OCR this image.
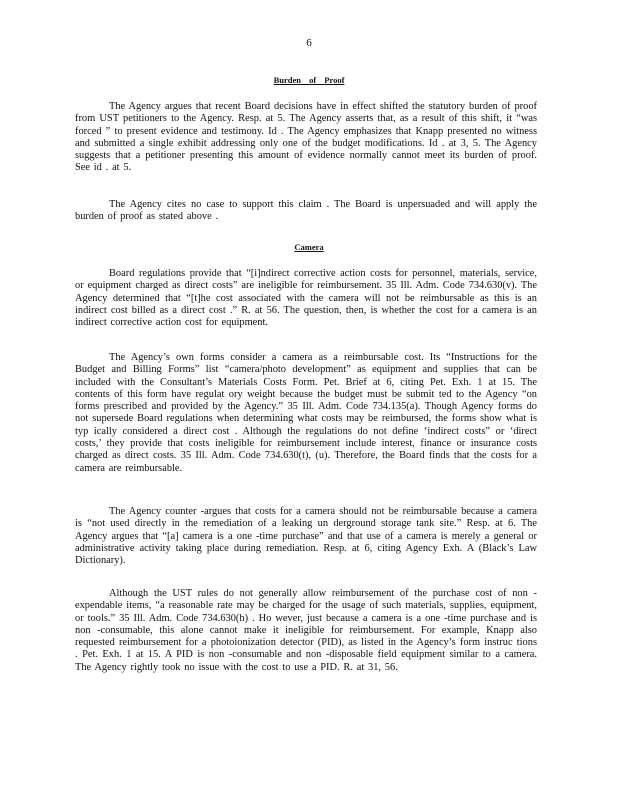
6
Burden of Proof

The Agency argues that recent Board decisions have in effect shifted the statutory burden of proof from UST petitioners to the Agency. Resp. at 5. The Agency asserts that, as a result of this shift, it “was forced ” to present evidence and testimony. Id . The Agency emphasizes that Knapp presented no witness and submitted a single exhibit addressing only one of the budget modifications. Id . at 3, 5. The Agency suggests that a petitioner presenting this amount of evidence normally cannot meet its burden of proof. See id . at 5.

The Agency cites no case to support this claim . The Board is unpersuaded and will apply the burden of proof as stated above .

Camera

Board regulations provide that “[i]ndirect corrective action costs for personnel, materials, service, or equipment charged as direct costs” are ineligible for reimbursement. 35 Ill. Adm. Code 734.630(v). The Agency determined that “[t]he cost associated with the camera will not be reimbursable as this is an indirect cost billed as a direct cost .” R. at 56. The question, then, is whether the cost for a camera is an indirect corrective action cost for equipment.

The Agency’s own forms consider a camera as a reimbursable cost. Its “Instructions for the Budget and Billing Forms” list “camera/photo development” as equipment and supplies that can be included with the Consultant’s Materials Costs Form. Pet. Brief at 6, citing Pet. Exh. 1 at 15. The contents of this form have regulat ory weight because the budget must be submit ted to the Agency “on forms prescribed and provided by the Agency.” 35 Ill. Adm. Code 734.135(a). Though Agency forms do not supersede Board regulations when determining what costs may be reimbursed, the forms show what is typ ically considered a direct cost . Although the regulations do not define ‘indirect costs” or ‘direct costs,’ they provide that costs ineligible for reimbursement include interest, finance or insurance costs charged as direct costs. 35 Ill. Adm. Code 734.630(t), (u). Therefore, the Board finds that the costs for a camera are reimbursable.

The Agency counter -argues that costs for a camera should not be reimbursable because a camera is “not used directly in the remediation of a leaking un derground storage tank site.” Resp. at 6. The Agency argues that “[a] camera is a one -time purchase” and that use of a camera is merely a general or administrative activity taking place during remediation. Resp. at 6, citing Agency Exh. A (Black’s Law Dictionary).

Although the UST rules do not generally allow reimbursement of the purchase cost of non -expendable items, “a reasonable rate may be charged for the usage of such materials, supplies, equipment, or tools.” 35 Ill. Adm. Code 734.630(h) . Ho wever, just because a camera is a one -time purchase and is non -consumable, this alone cannot make it ineligible for reimbursement. For example, Knapp also requested reimbursement for a photoionization detector (PID), as listed in the Agency’s form instruc tions . Pet. Exh. 1 at 15. A PID is non -consumable and non -disposable field equipment similar to a camera. The Agency rightly took no issue with the cost to use a PID. R. at 31, 56.
